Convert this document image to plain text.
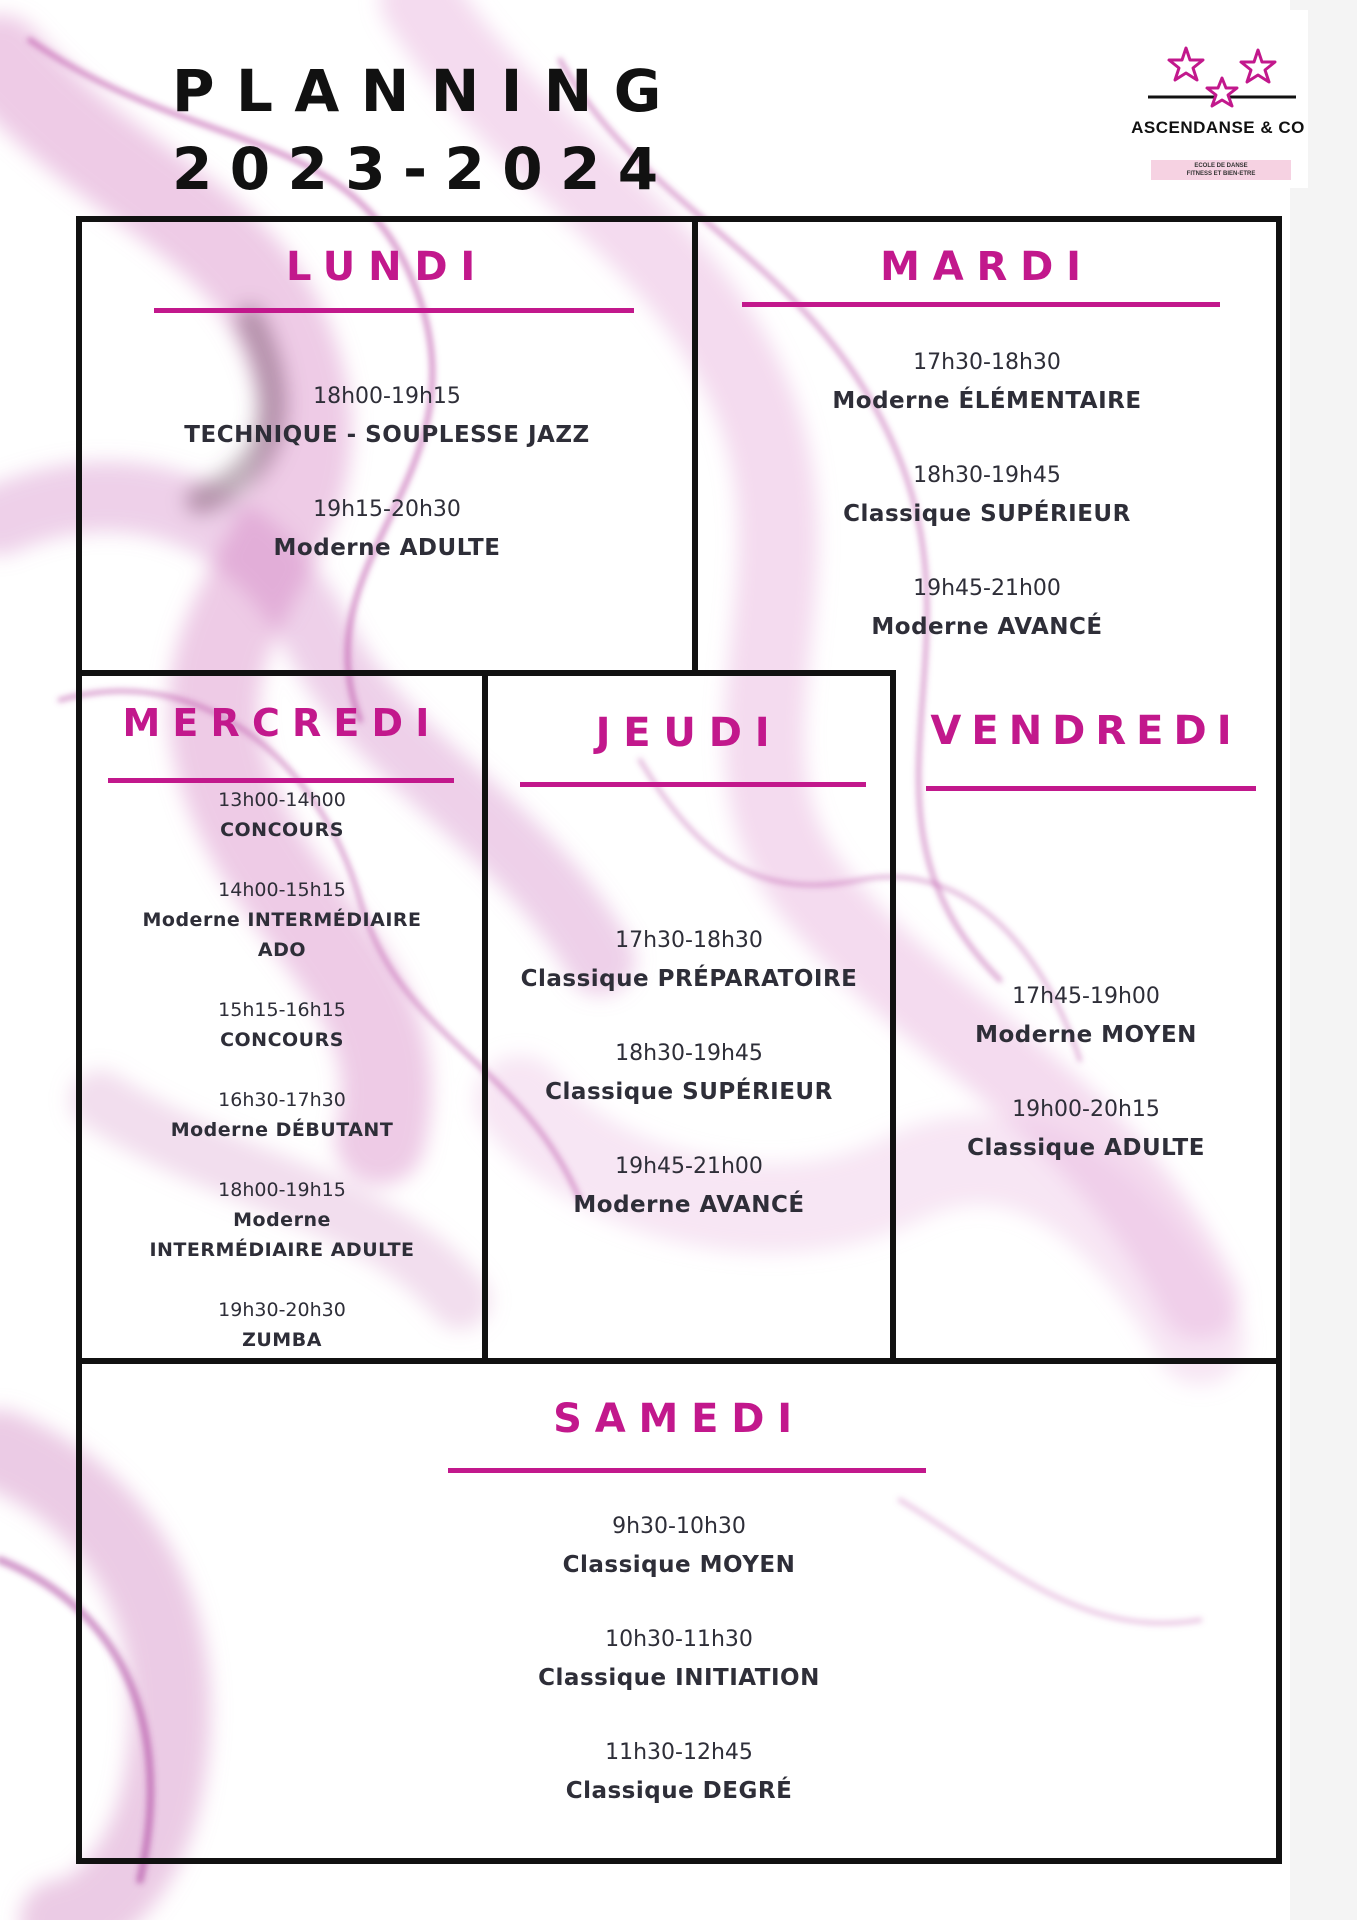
PLANNING
2023-2024
ASCENDANSE & CO
ECOLE DE DANSE
FITNESS ET BIEN-ETRE
LUNDI
18h00-19h15
TECHNIQUE - SOUPLESSE JAZZ
19h15-20h30
Moderne ADULTE
MARDI
17h30-18h30
Moderne ÉLÉMENTAIRE
18h30-19h45
Classique SUPÉRIEUR
19h45-21h00
Moderne AVANCÉ
MERCREDI
13h00-14h00
CONCOURS
14h00-15h15
Moderne INTERMÉDIAIRE
ADO
15h15-16h15
CONCOURS
16h30-17h30
Moderne DÉBUTANT
18h00-19h15
Moderne
INTERMÉDIAIRE ADULTE
19h30-20h30
ZUMBA
JEUDI
17h30-18h30
Classique PRÉPARATOIRE
18h30-19h45
Classique SUPÉRIEUR
19h45-21h00
Moderne AVANCÉ
VENDREDI
17h45-19h00
Moderne MOYEN
19h00-20h15
Classique ADULTE
SAMEDI
9h30-10h30
Classique MOYEN
10h30-11h30
Classique INITIATION
11h30-12h45
Classique DEGRÉ
